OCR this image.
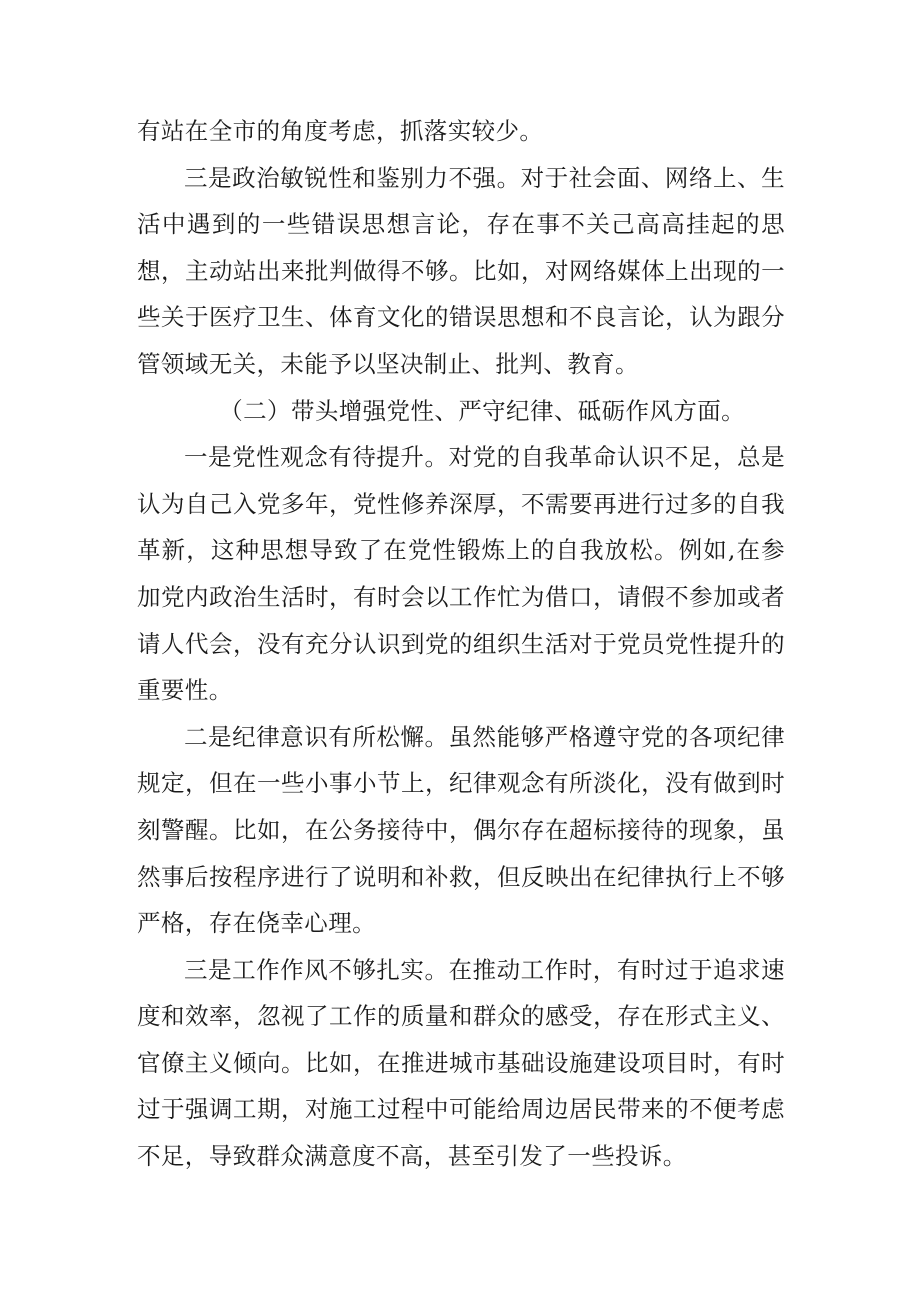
有站在全市的角度考虑，抓落实较少。

三是政治敏锐性和鉴别力不强。对于社会面、网络上、生活中遇到的一些错误思想言论，存在事不关己高高挂起的思想，主动站出来批判做得不够。比如，对网络媒体上出现的一些关于医疗卫生、体育文化的错误思想和不良言论，认为跟分管领域无关，未能予以坚决制止、批判、教育。

（二）带头增强党性、严守纪律、砥砺作风方面。

一是党性观念有待提升。对党的自我革命认识不足，总是认为自己入党多年，党性修养深厚，不需要再进行过多的自我革新，这种思想导致了在党性锻炼上的自我放松。例如,在参加党内政治生活时，有时会以工作忙为借口，请假不参加或者请人代会，没有充分认识到党的组织生活对于党员党性提升的重要性。

二是纪律意识有所松懈。虽然能够严格遵守党的各项纪律规定，但在一些小事小节上，纪律观念有所淡化，没有做到时刻警醒。比如，在公务接待中，偶尔存在超标接待的现象，虽然事后按程序进行了说明和补救，但反映出在纪律执行上不够严格，存在侥幸心理。

三是工作作风不够扎实。在推动工作时，有时过于追求速度和效率，忽视了工作的质量和群众的感受，存在形式主义、官僚主义倾向。比如，在推进城市基础设施建设项目时，有时过于强调工期，对施工过程中可能给周边居民带来的不便考虑不足，导致群众满意度不高，甚至引发了一些投诉。
